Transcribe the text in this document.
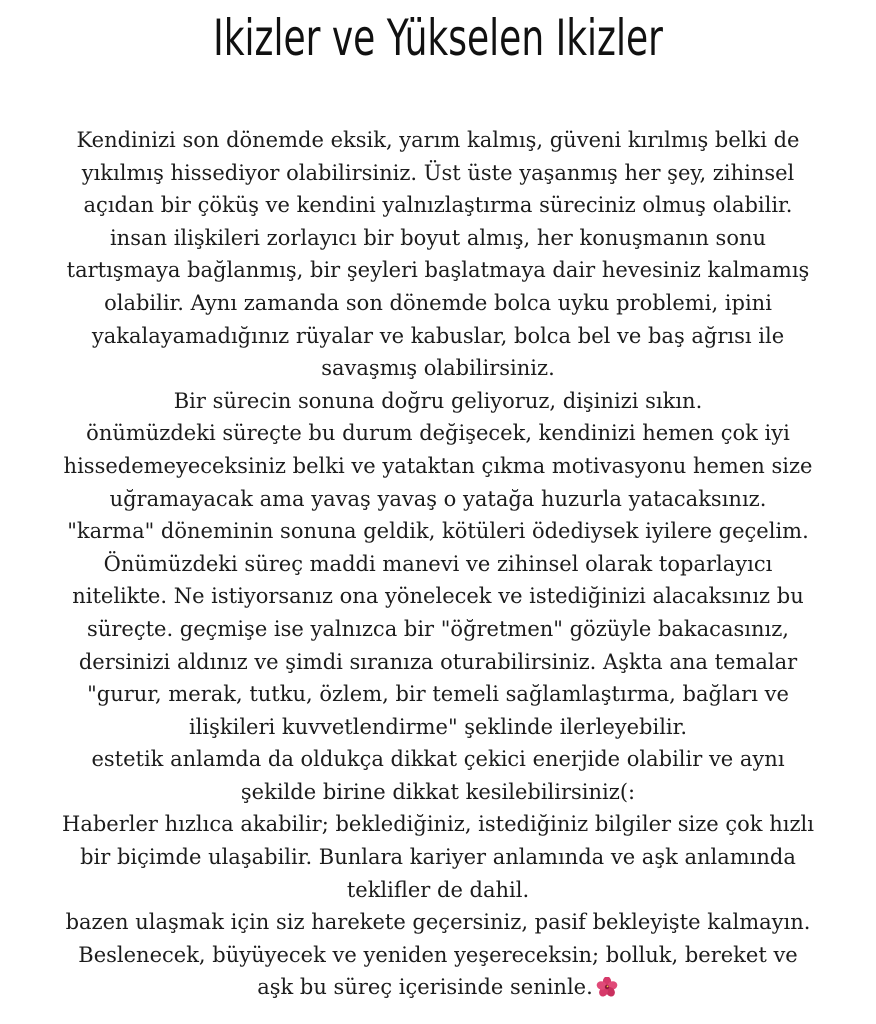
Ikizler ve Yükselen Ikizler
Kendinizi son dönemde eksik, yarım kalmış, güveni kırılmış belki de
yıkılmış hissediyor olabilirsiniz. Üst üste yaşanmış her şey, zihinsel
açıdan bir çöküş ve kendini yalnızlaştırma süreciniz olmuş olabilir.
insan ilişkileri zorlayıcı bir boyut almış, her konuşmanın sonu
tartışmaya bağlanmış, bir şeyleri başlatmaya dair hevesiniz kalmamış
olabilir. Aynı zamanda son dönemde bolca uyku problemi, ipini
yakalayamadığınız rüyalar ve kabuslar, bolca bel ve baş ağrısı ile
savaşmış olabilirsiniz.
Bir sürecin sonuna doğru geliyoruz, dişinizi sıkın.
önümüzdeki süreçte bu durum değişecek, kendinizi hemen çok iyi
hissedemeyeceksiniz belki ve yataktan çıkma motivasyonu hemen size
uğramayacak ama yavaş yavaş o yatağa huzurla yatacaksınız.
"karma" döneminin sonuna geldik, kötüleri ödediysek iyilere geçelim.
Önümüzdeki süreç maddi manevi ve zihinsel olarak toparlayıcı
nitelikte. Ne istiyorsanız ona yönelecek ve istediğinizi alacaksınız bu
süreçte. geçmişe ise yalnızca bir "öğretmen" gözüyle bakacasınız,
dersinizi aldınız ve şimdi sıranıza oturabilirsiniz. Aşkta ana temalar
"gurur, merak, tutku, özlem, bir temeli sağlamlaştırma, bağları ve
ilişkileri kuvvetlendirme" şeklinde ilerleyebilir.
estetik anlamda da oldukça dikkat çekici enerjide olabilir ve aynı
şekilde birine dikkat kesilebilirsiniz(:
Haberler hızlıca akabilir; beklediğiniz, istediğiniz bilgiler size çok hızlı
bir biçimde ulaşabilir. Bunlara kariyer anlamında ve aşk anlamında
teklifler de dahil.
bazen ulaşmak için siz harekete geçersiniz, pasif bekleyişte kalmayın.
Beslenecek, büyüyecek ve yeniden yeşereceksin; bolluk, bereket ve
aşk bu süreç içerisinde seninle.
